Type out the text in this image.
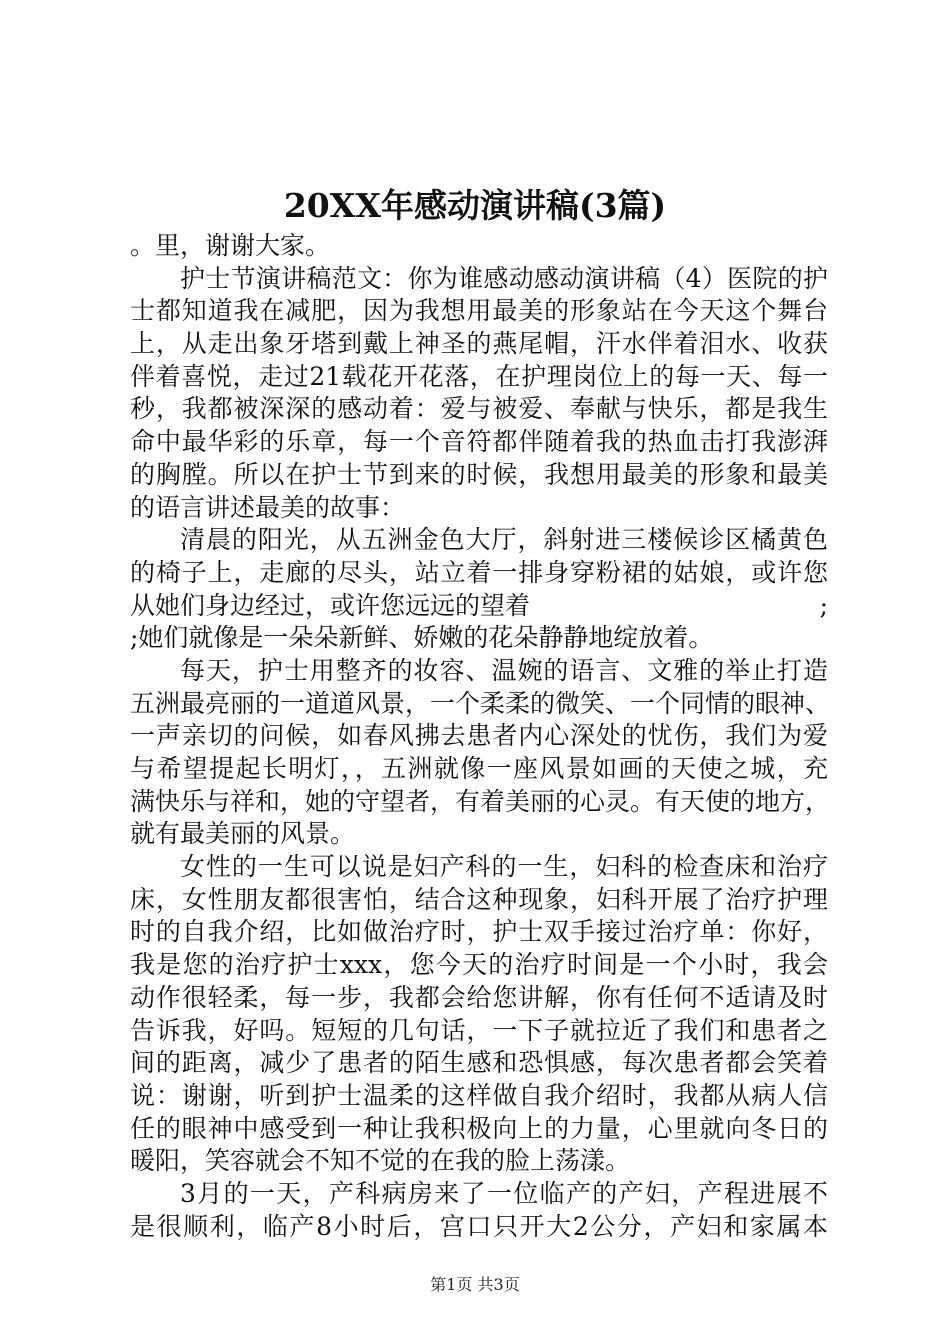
20XX年感动演讲稿(3篇)
。里，谢谢大家。
护士节演讲稿范文：你为谁感动感动演讲稿（4）医院的护
士都知道我在减肥，因为我想用最美的形象站在今天这个舞台
上，从走出象牙塔到戴上神圣的燕尾帽，汗水伴着泪水、收获
伴着喜悦，走过21载花开花落，在护理岗位上的每一天、每一
秒，我都被深深的感动着：爱与被爱、奉献与快乐，都是我生
命中最华彩的乐章，每一个音符都伴随着我的热血击打我澎湃
的胸膛。所以在护士节到来的时候，我想用最美的形象和最美
的语言讲述最美的故事：
清晨的阳光，从五洲金色大厅，斜射进三楼候诊区橘黄色
的椅子上，走廊的尽头，站立着一排身穿粉裙的姑娘，或许您
从她们身边经过，或许您远远的望着	;
;她们就像是一朵朵新鲜、娇嫩的花朵静静地绽放着。
每天，护士用整齐的妆容、温婉的语言、文雅的举止打造
五洲最亮丽的一道道风景，一个柔柔的微笑、一个同情的眼神、
一声亲切的问候，如春风拂去患者内心深处的忧伤，我们为爱
与希望提起长明灯，，五洲就像一座风景如画的天使之城，充
满快乐与祥和，她的守望者，有着美丽的心灵。有天使的地方，
就有最美丽的风景。
女性的一生可以说是妇产科的一生，妇科的检查床和治疗
床，女性朋友都很害怕，结合这种现象，妇科开展了治疗护理
时的自我介绍，比如做治疗时，护士双手接过治疗单：你好，
我是您的治疗护士xxx，您今天的治疗时间是一个小时，我会
动作很轻柔，每一步，我都会给您讲解，你有任何不适请及时
告诉我，好吗。短短的几句话，一下子就拉近了我们和患者之
间的距离，减少了患者的陌生感和恐惧感，每次患者都会笑着
说：谢谢，听到护士温柔的这样做自我介绍时，我都从病人信
任的眼神中感受到一种让我积极向上的力量，心里就向冬日的
暖阳，笑容就会不知不觉的在我的脸上荡漾。
3月的一天，产科病房来了一位临产的产妇，产程进展不
是很顺利，临产8小时后，宫口只开大2公分，产妇和家属本
第1页 共3页
